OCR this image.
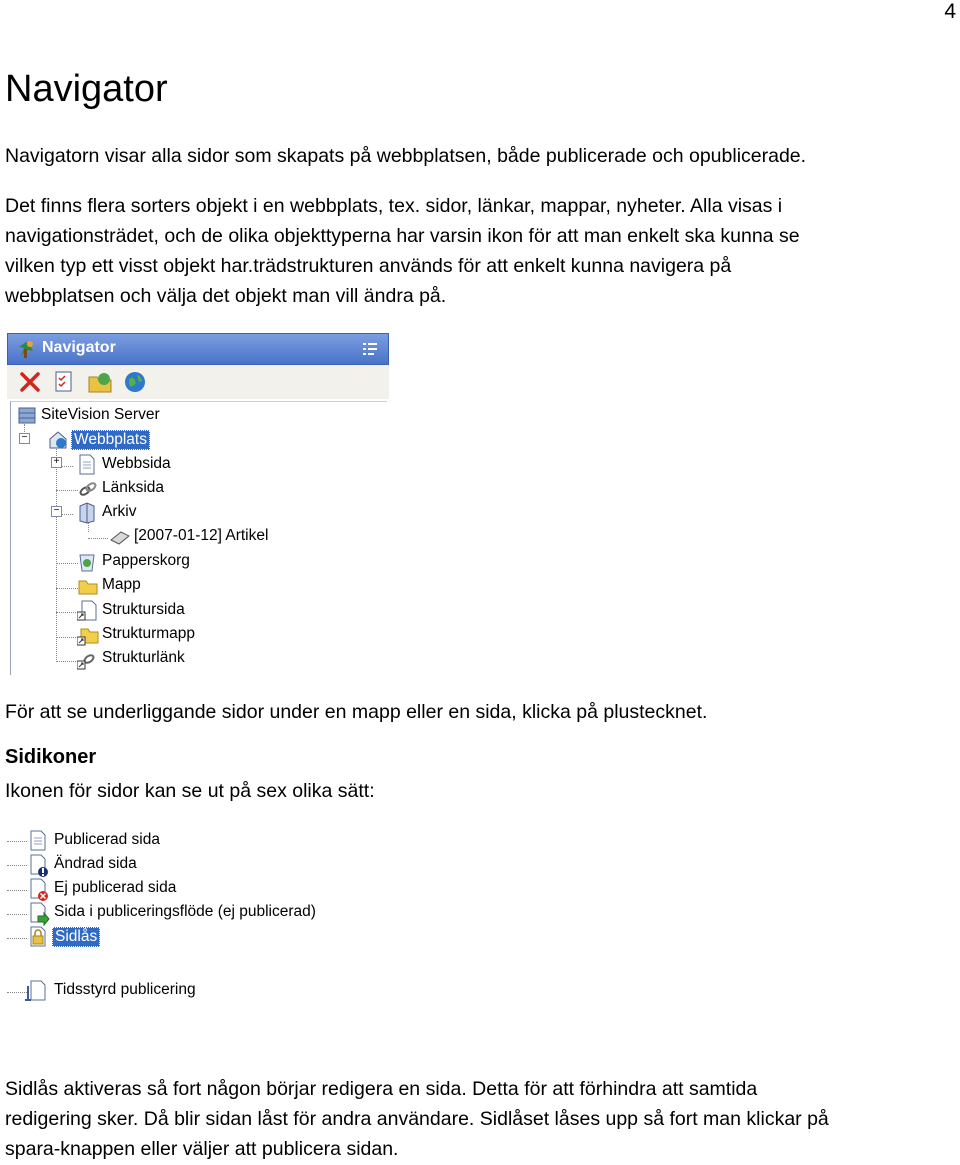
4
Navigator

Navigatorn visar alla sidor som skapats på webbplatsen, både publicerade och opublicerade.

Det finns flera sorters objekt i en webbplats, tex. sidor, länkar, mappar, nyheter. Alla visas i

navigationsträdet, och de olika objekttyperna har varsin ikon för att man enkelt ska kunna se

vilken typ ett visst objekt har.trädstrukturen används för att enkelt kunna navigera på

webbplatsen och välja det objekt man vill ändra på.

Navigator
SiteVision Server
−	Webbplats
+	Webbsida
Länksida
−	Arkiv
[2007-01-12] Artikel
Papperskorg
Mapp
Struktursida
Strukturmapp
Strukturlänk

För att se underliggande sidor under en mapp eller en sida, klicka på plustecknet.

Sidikoner

Ikonen för sidor kan se ut på sex olika sätt:

Publicerad sida
Ändrad sida
Ej publicerad sida
Sida i publiceringsflöde (ej publicerad)
Sidlås
Tidsstyrd publicering

Sidlås aktiveras så fort någon börjar redigera en sida. Detta för att förhindra att samtida

redigering sker. Då blir sidan låst för andra användare. Sidlåset låses upp så fort man klickar på

spara-knappen eller väljer att publicera sidan.
